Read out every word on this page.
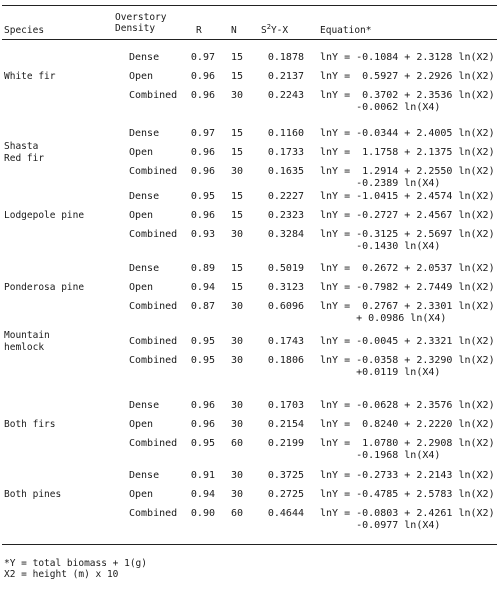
Overstory
Density
Species	R	N	$S^2Y-X$	Equation*
White fir
Dense	0.97 15	0.1878 lnY = -0.1084 + 2.3128 ln(X2)
Open	0.96 15	0.2137 lnY =  0.5927 + 2.2926 ln(X2)
Combined	0.96 30	0.2243 lnY =  0.3702 + 2.3536 ln(X2)
-0.0062 ln(X4)
Shasta
Red fir
Dense	0.97 15	0.1160 lnY = -0.0344 + 2.4005 ln(X2)
Open	0.96 15	0.1733 lnY =  1.1758 + 2.1375 ln(X2)
Combined	0.96 30	0.1635 lnY =  1.2914 + 2.2550 ln(X2)
-0.2389 ln(X4)
Lodgepole pine
Dense	0.95 15	0.2227 lnY = -1.0415 + 2.4574 ln(X2)
Open	0.96 15	0.2323 lnY = -0.2727 + 2.4567 ln(X2)
Combined	0.93 30	0.3284 lnY = -0.3125 + 2.5697 ln(X2)
-0.1430 ln(X4)
Ponderosa pine
Dense	0.89 15	0.5019 lnY =  0.2672 + 2.0537 ln(X2)
Open	0.94 15	0.3123 lnY = -0.7982 + 2.7449 ln(X2)
Combined	0.87 30	0.6096 lnY =  0.2767 + 2.3301 ln(X2)
+ 0.0986 ln(X4)
Mountain
hemlock
Combined	0.95 30	0.1743 lnY = -0.0045 + 2.3321 ln(X2)
Combined	0.95 30	0.1806 lnY = -0.0358 + 2.3290 ln(X2)
+0.0119 ln(X4)
Both firs
Dense	0.96 30	0.1703 lnY = -0.0628 + 2.3576 ln(X2)
Open	0.96 30	0.2154 lnY =  0.8240 + 2.2220 ln(X2)
Combined	0.95 60	0.2199 lnY =  1.0780 + 2.2908 ln(X2)
-0.1968 ln(X4)
Both pines
Dense	0.91 30	0.3725 lnY = -0.2733 + 2.2143 ln(X2)
Open	0.94 30	0.2725 lnY = -0.4785 + 2.5783 ln(X2)
Combined	0.90 60	0.4644 lnY = -0.0803 + 2.4261 ln(X2)
-0.0977 ln(X4)
*Y = total biomass + 1(g)
X2 = height (m) x 10
